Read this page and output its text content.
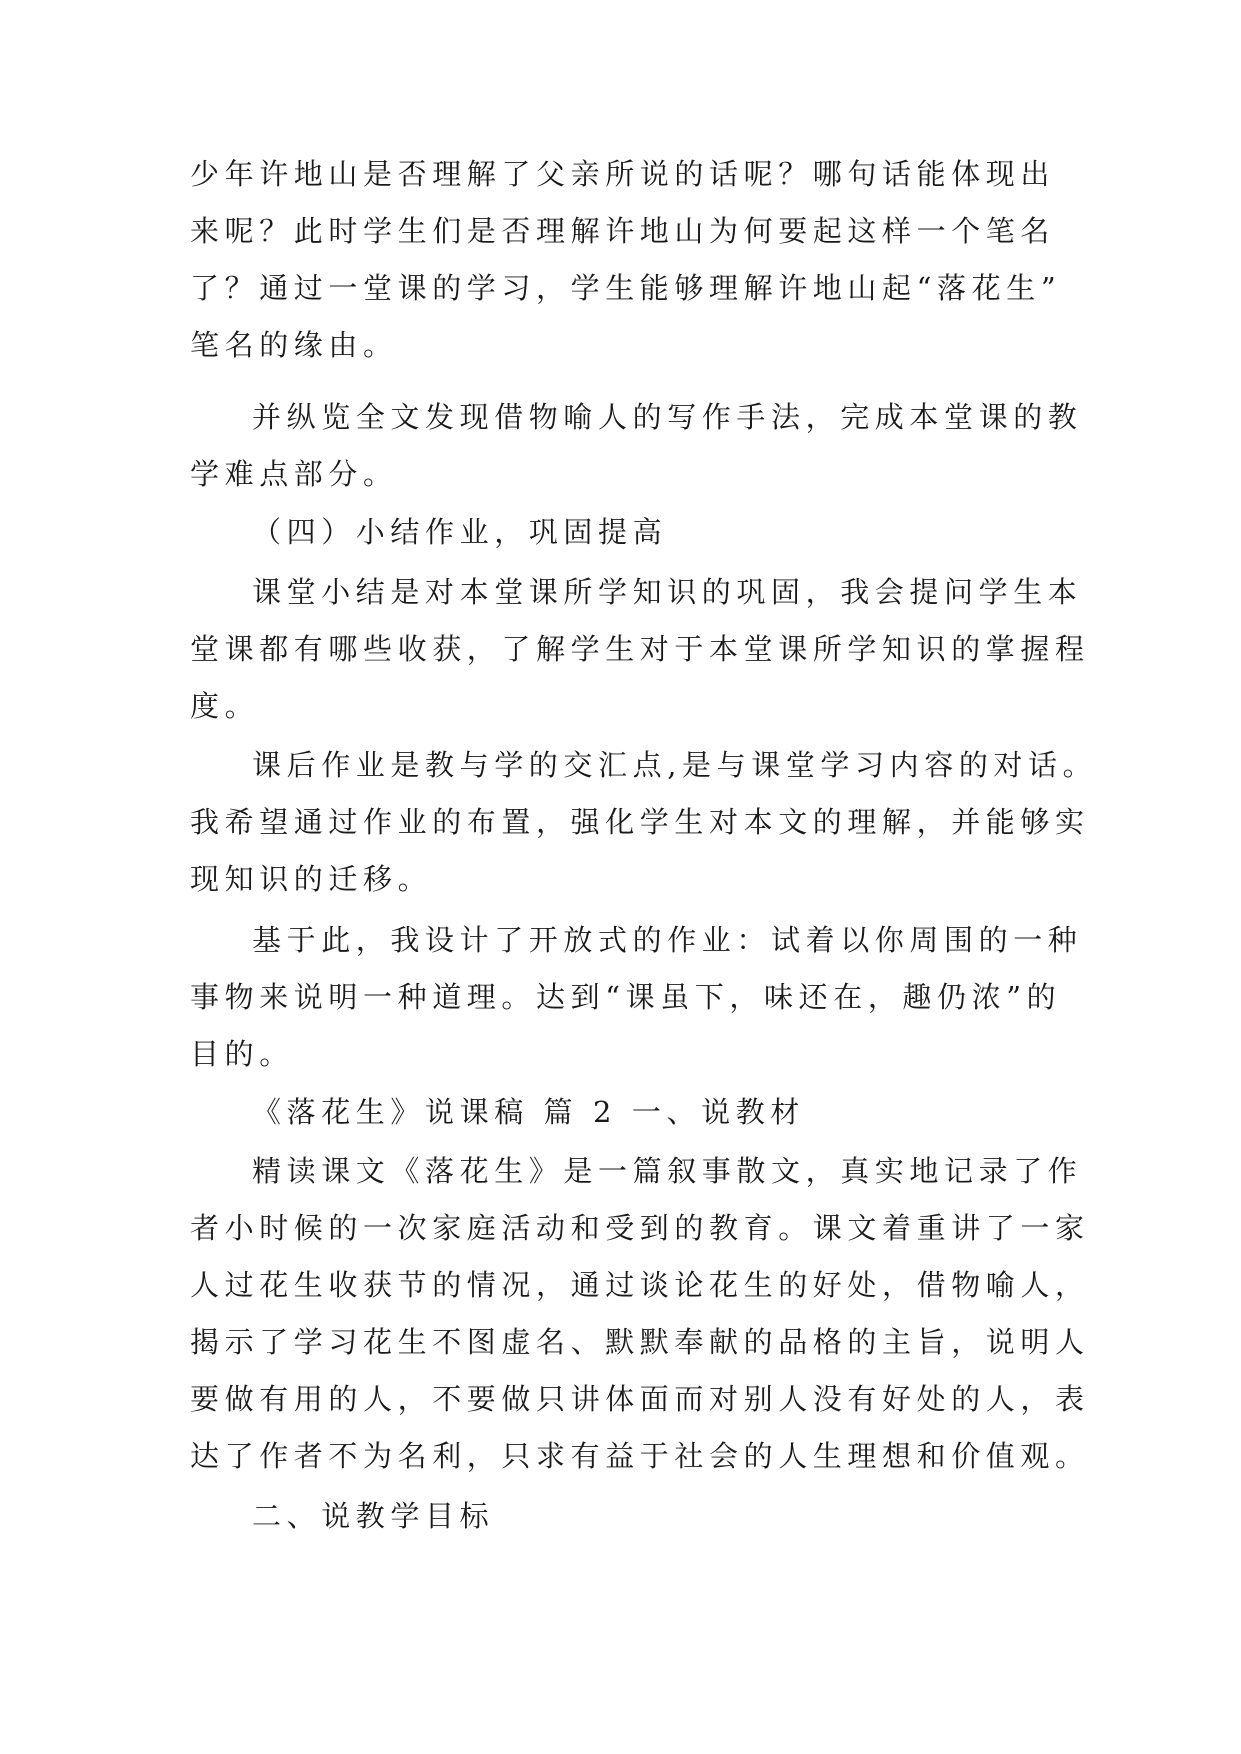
少年许地山是否理解了父亲所说的话呢？哪句话能体现出
来呢？此时学生们是否理解许地山为何要起这样一个笔名
了？通过一堂课的学习，学生能够理解许地山起“落花生”
笔名的缘由。
并纵览全文发现借物喻人的写作手法，完成本堂课的教
学难点部分。
（四）小结作业，巩固提高
课堂小结是对本堂课所学知识的巩固，我会提问学生本
堂课都有哪些收获，了解学生对于本堂课所学知识的掌握程
度。
课后作业是教与学的交汇点,是与课堂学习内容的对话。
我希望通过作业的布置，强化学生对本文的理解，并能够实
现知识的迁移。
基于此，我设计了开放式的作业：试着以你周围的一种
事物来说明一种道理。达到“课虽下，味还在，趣仍浓”的
目的。
《落花生》说课稿 篇 2 一、说教材
精读课文《落花生》是一篇叙事散文，真实地记录了作
者小时候的一次家庭活动和受到的教育。课文着重讲了一家
人过花生收获节的情况，通过谈论花生的好处，借物喻人，
揭示了学习花生不图虚名、默默奉献的品格的主旨，说明人
要做有用的人，不要做只讲体面而对别人没有好处的人，表
达了作者不为名利，只求有益于社会的人生理想和价值观。
二、说教学目标
